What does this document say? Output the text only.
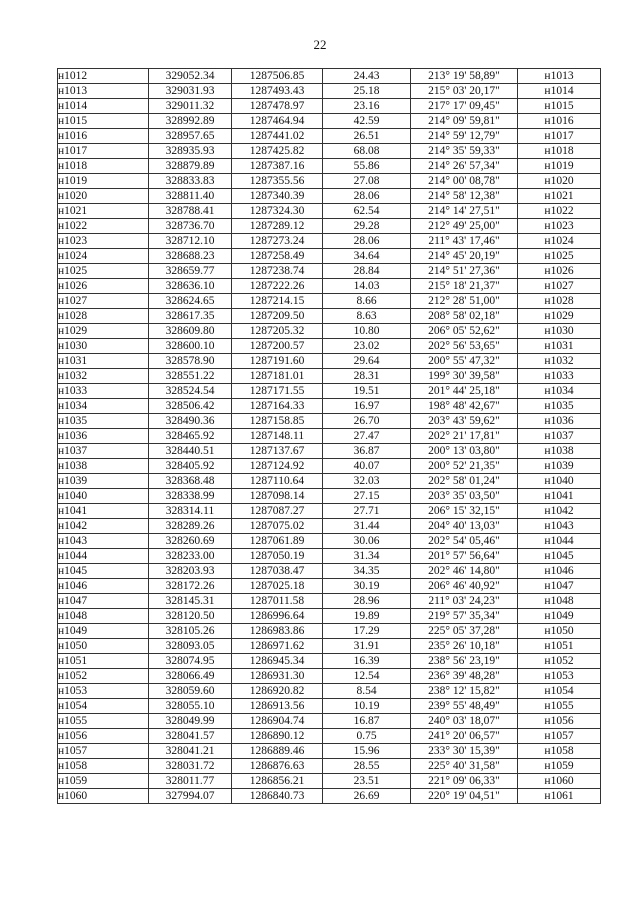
22
н1012	329052.34	1287506.85	24.43	213° 19' 58,89"	н1013
н1013	329031.93	1287493.43	25.18	215° 03' 20,17"	н1014
н1014	329011.32	1287478.97	23.16	217° 17' 09,45"	н1015
н1015	328992.89	1287464.94	42.59	214° 09' 59,81"	н1016
н1016	328957.65	1287441.02	26.51	214° 59' 12,79"	н1017
н1017	328935.93	1287425.82	68.08	214° 35' 59,33"	н1018
н1018	328879.89	1287387.16	55.86	214° 26' 57,34"	н1019
н1019	328833.83	1287355.56	27.08	214° 00' 08,78"	н1020
н1020	328811.40	1287340.39	28.06	214° 58' 12,38"	н1021
н1021	328788.41	1287324.30	62.54	214° 14' 27,51"	н1022
н1022	328736.70	1287289.12	29.28	212° 49' 25,00"	н1023
н1023	328712.10	1287273.24	28.06	211° 43' 17,46"	н1024
н1024	328688.23	1287258.49	34.64	214° 45' 20,19"	н1025
н1025	328659.77	1287238.74	28.84	214° 51' 27,36"	н1026
н1026	328636.10	1287222.26	14.03	215° 18' 21,37"	н1027
н1027	328624.65	1287214.15	8.66	212° 28' 51,00"	н1028
н1028	328617.35	1287209.50	8.63	208° 58' 02,18"	н1029
н1029	328609.80	1287205.32	10.80	206° 05' 52,62"	н1030
н1030	328600.10	1287200.57	23.02	202° 56' 53,65"	н1031
н1031	328578.90	1287191.60	29.64	200° 55' 47,32"	н1032
н1032	328551.22	1287181.01	28.31	199° 30' 39,58"	н1033
н1033	328524.54	1287171.55	19.51	201° 44' 25,18"	н1034
н1034	328506.42	1287164.33	16.97	198° 48' 42,67"	н1035
н1035	328490.36	1287158.85	26.70	203° 43' 59,62"	н1036
н1036	328465.92	1287148.11	27.47	202° 21' 17,81"	н1037
н1037	328440.51	1287137.67	36.87	200° 13' 03,80"	н1038
н1038	328405.92	1287124.92	40.07	200° 52' 21,35"	н1039
н1039	328368.48	1287110.64	32.03	202° 58' 01,24"	н1040
н1040	328338.99	1287098.14	27.15	203° 35' 03,50"	н1041
н1041	328314.11	1287087.27	27.71	206° 15' 32,15"	н1042
н1042	328289.26	1287075.02	31.44	204° 40' 13,03"	н1043
н1043	328260.69	1287061.89	30.06	202° 54' 05,46"	н1044
н1044	328233.00	1287050.19	31.34	201° 57' 56,64"	н1045
н1045	328203.93	1287038.47	34.35	202° 46' 14,80"	н1046
н1046	328172.26	1287025.18	30.19	206° 46' 40,92"	н1047
н1047	328145.31	1287011.58	28.96	211° 03' 24,23"	н1048
н1048	328120.50	1286996.64	19.89	219° 57' 35,34"	н1049
н1049	328105.26	1286983.86	17.29	225° 05' 37,28"	н1050
н1050	328093.05	1286971.62	31.91	235° 26' 10,18"	н1051
н1051	328074.95	1286945.34	16.39	238° 56' 23,19"	н1052
н1052	328066.49	1286931.30	12.54	236° 39' 48,28"	н1053
н1053	328059.60	1286920.82	8.54	238° 12' 15,82"	н1054
н1054	328055.10	1286913.56	10.19	239° 55' 48,49"	н1055
н1055	328049.99	1286904.74	16.87	240° 03' 18,07"	н1056
н1056	328041.57	1286890.12	0.75	241° 20' 06,57"	н1057
н1057	328041.21	1286889.46	15.96	233° 30' 15,39"	н1058
н1058	328031.72	1286876.63	28.55	225° 40' 31,58"	н1059
н1059	328011.77	1286856.21	23.51	221° 09' 06,33"	н1060
н1060	327994.07	1286840.73	26.69	220° 19' 04,51"	н1061
